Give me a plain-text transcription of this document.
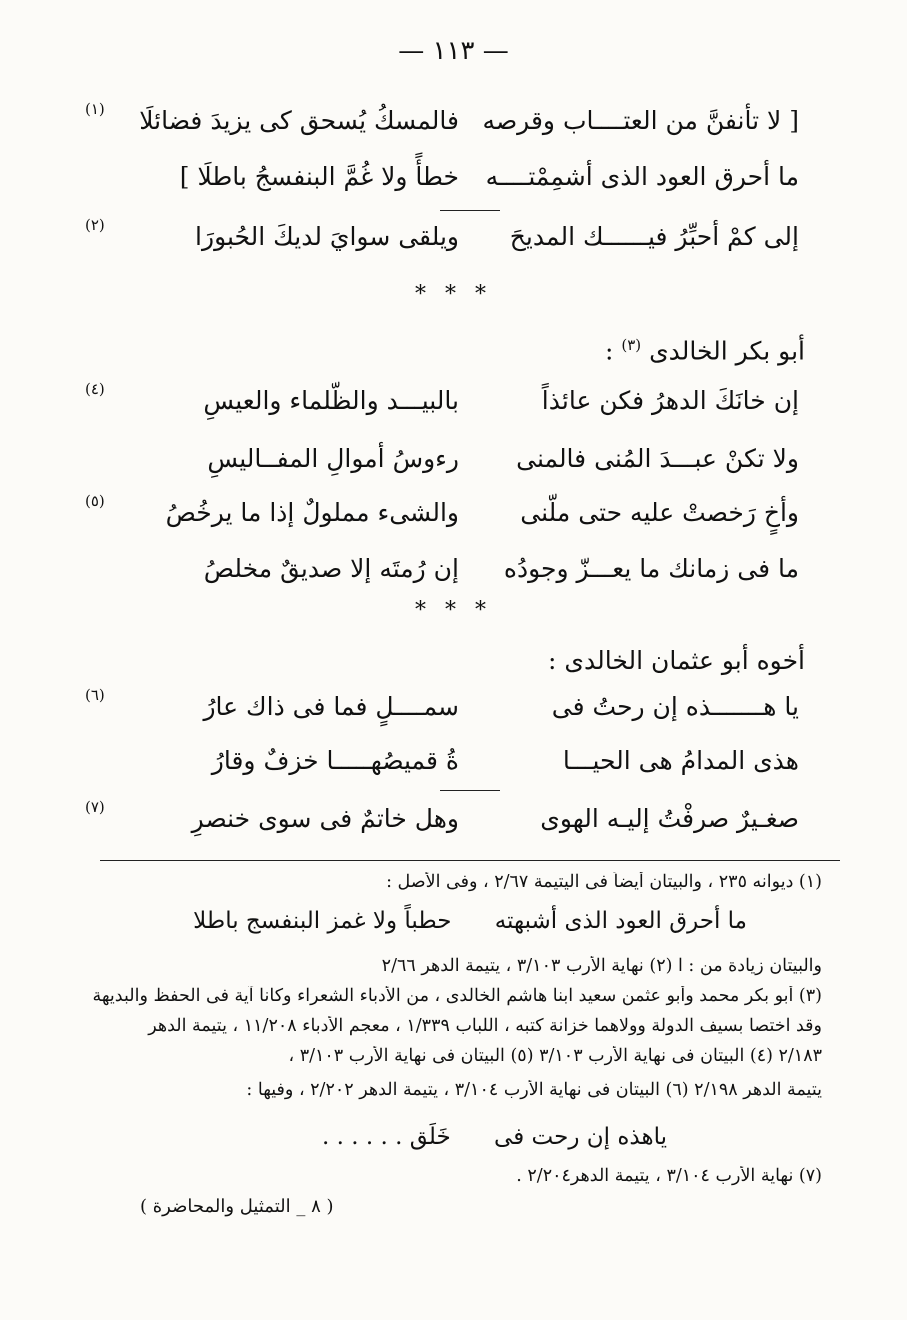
— ١١٣ —
[ لا تأنفنَّ من العتــــاب وقرصه
فالمسكُ يُسحق كى يزيدَ فضائلَا
(١)
ما أحرق العود الذى أشمِمْتــــه
خطأً ولا غُمَّ البنفسجُ باطلَا ]
إلى كمْ أحبِّرُ فيــــــك المديحَ
ويلقى سوايَ لديكَ الحُبورَا
(٢)
* * *
أبو بكر الخالدى $^{(٣)}$ :
إن خانَكَ الدهرُ فكن عائذاً
بالبيـــد والظّلماء والعيسِ
(٤)
ولا تكنْ عبـــدَ المُنى فالمنى
رءوسُ أموالِ المفــاليسِ
وأخٍ رَخصتْ عليه حتى ملّنى
والشىء مملولٌ إذا ما يرخُصُ
(٥)
ما فى زمانك ما يعـــزّ وجودُه
إن رُمتَه إلا صديقٌ مخلصُ
* * *
أخوه أبو عثمان الخالدى :
يا هـــــــذه إن رحتُ فى
سمــــلٍ فما فى ذاك عارُ
(٦)
هذى المدامُ هى الحيـــا
ةُ قميصُهـــــا خزفٌ وقارُ
صغـيرٌ صرفْتُ إليـه الهوى
وهل خاتمٌ فى سوى خنصرِ
(٧)
(١) ديوانه ٢٣٥ ، والبيتان أيضاً فى اليتيمة ٢/٦٧ ، وفى الأصل :
ما أحرق العود الذى أشبهته حطباً ولا غمز البنفسج باطلا
والبيتان زيادة من : ا (٢) نهاية الأرب ٣/١٠٣ ، يتيمة الدهر ٢/٦٦
(٣) أبو بكر محمد وأبو عثمن سعيد ابنا هاشم الخالدى ، من الأدباء الشعراء وكانا آية فى الحفظ والبديهة
وقد اختصا بسيف الدولة وولاهما خزانة كتبه ، اللباب ١/٣٣٩ ، معجم الأدباء ١١/٢٠٨ ، يتيمة الدهر
٢/١٨٣ (٤) البيتان فى نهاية الأرب ٣/١٠٣ (٥) البيتان فى نهاية الأرب ٣/١٠٣ ،
يتيمة الدهر ٢/١٩٨ (٦) البيتان فى نهاية الأرب ٣/١٠٤ ، يتيمة الدهر ٢/٢٠٢ ، وفيها :
ياهذه إن رحت فى خَلَق . . . . . .
(٧) نهاية الأرب ٣/١٠٤ ، يتيمة الدهر٢/٢٠٤ .
( ٨ _ التمثيل والمحاضرة )
